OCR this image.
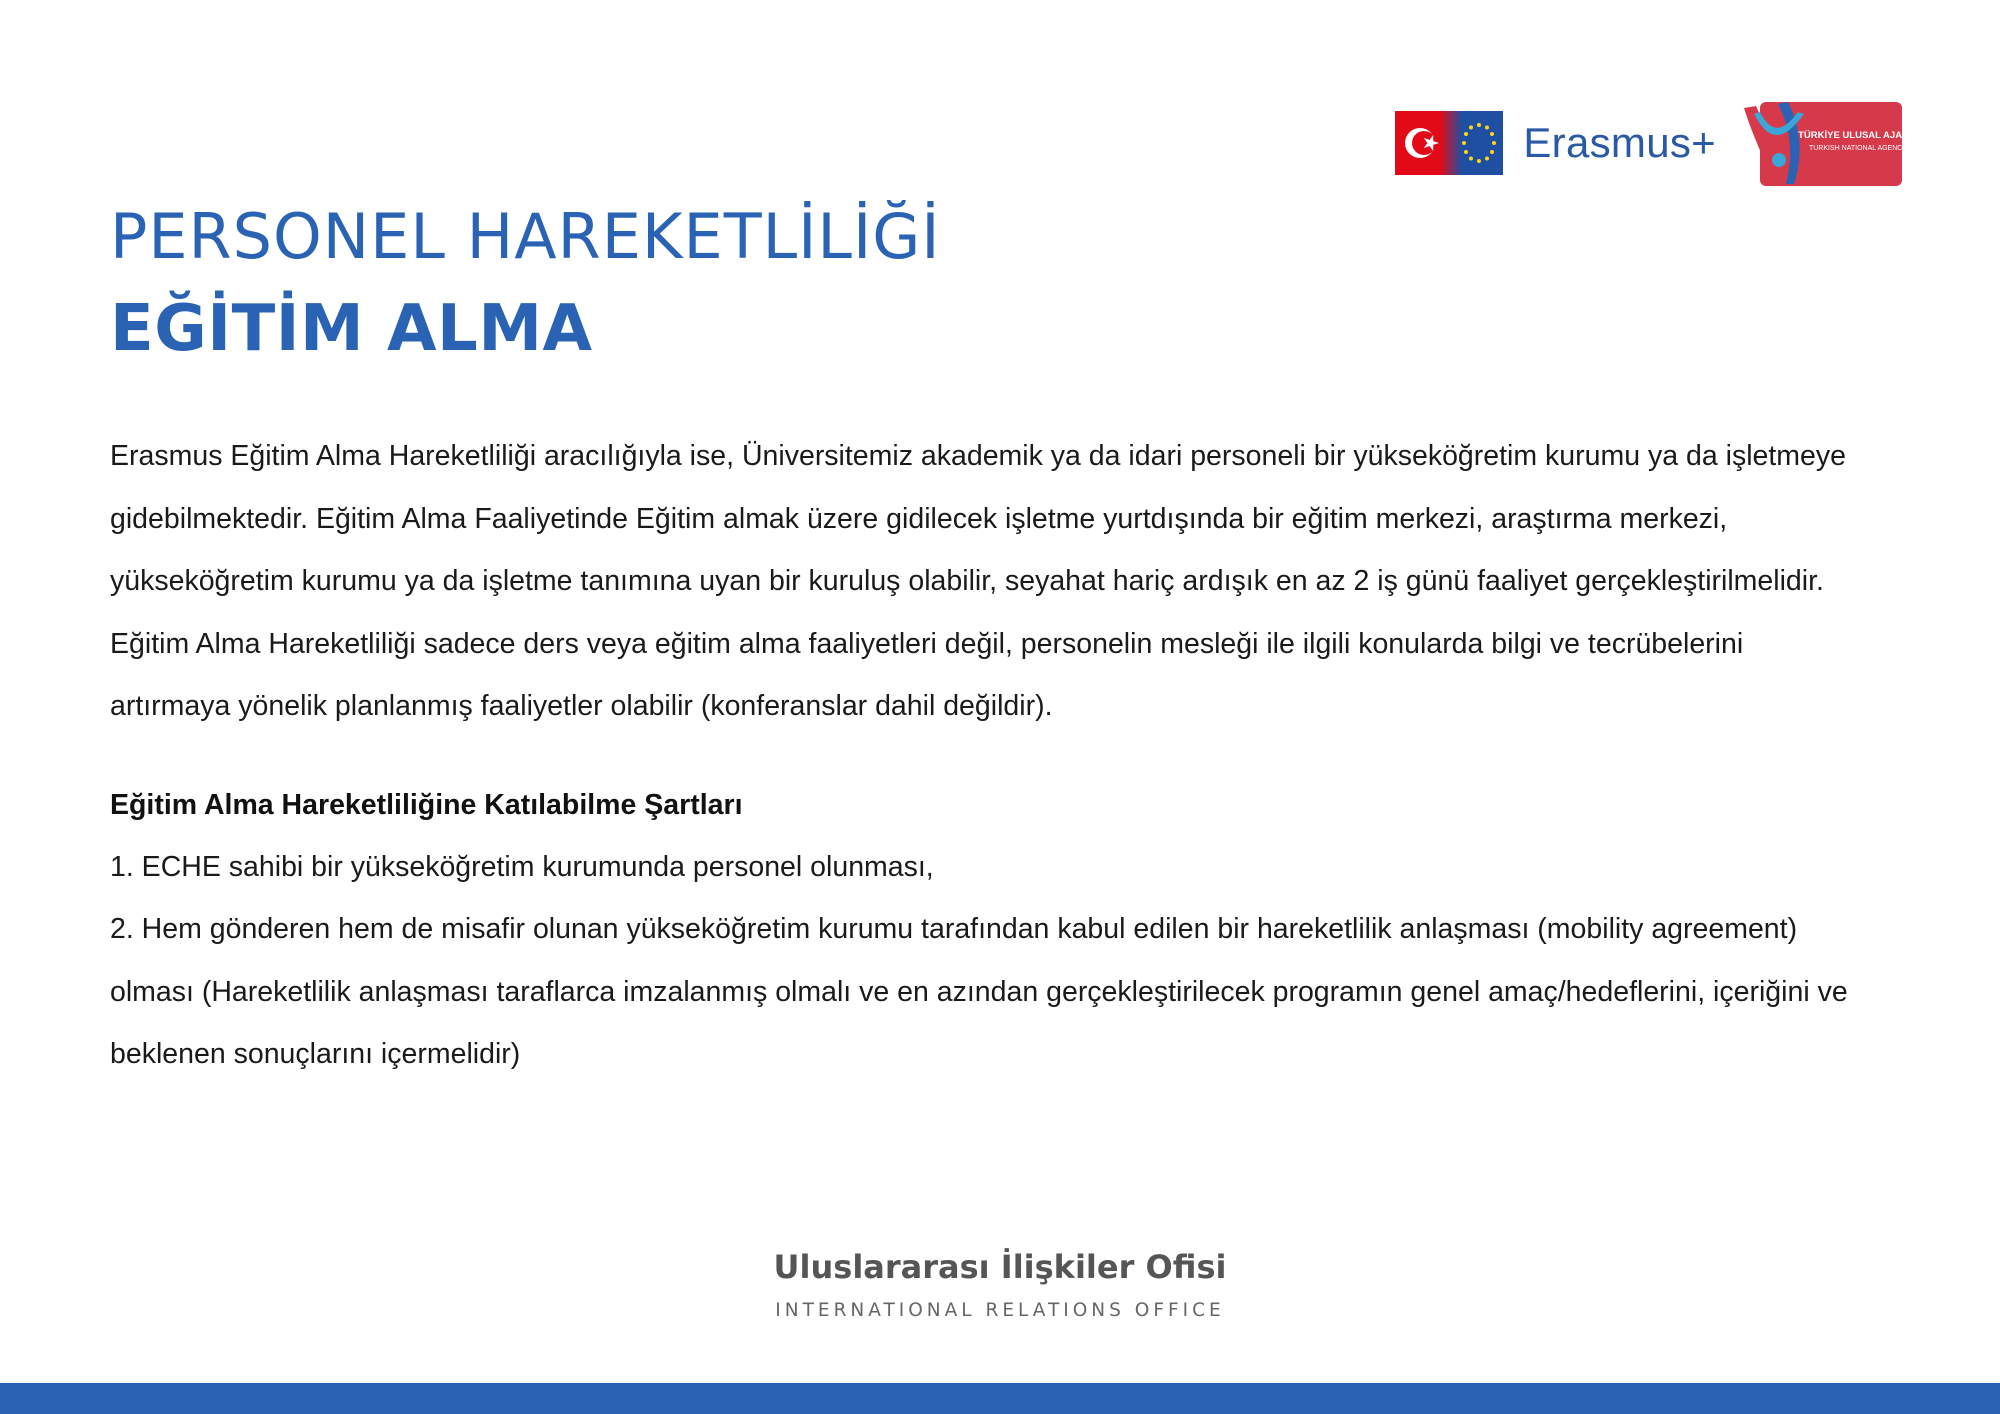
Erasmus+	TÜRKİYE ULUSAL AJANSI
TURKISH NATIONAL AGENCY
PERSONEL HAREKETLİLİĞİ
EĞİTİM ALMA

Erasmus Eğitim Alma Hareketliliği aracılığıyla ise, Üniversitemiz akademik ya da idari personeli bir yükseköğretim kurumu ya da işletmeye gidebilmektedir. Eğitim Alma Faaliyetinde Eğitim almak üzere gidilecek işletme yurtdışında bir eğitim merkezi, araştırma merkezi, yükseköğretim kurumu ya da işletme tanımına uyan bir kuruluş olabilir, seyahat hariç ardışık en az 2 iş günü faaliyet gerçekleştirilmelidir. Eğitim Alma Hareketliliği sadece ders veya eğitim alma faaliyetleri değil, personelin mesleği ile ilgili konularda bilgi ve tecrübelerini artırmaya yönelik planlanmış faaliyetler olabilir (konferanslar dahil değildir).

Eğitim Alma Hareketliliğine Katılabilme Şartları

1. ECHE sahibi bir yükseköğretim kurumunda personel olunması,
2. Hem gönderen hem de misafir olunan yükseköğretim kurumu tarafından kabul edilen bir hareketlilik anlaşması (mobility agreement) olması (Hareketlilik anlaşması taraflarca imzalanmış olmalı ve en azından gerçekleştirilecek programın genel amaç/hedeflerini, içeriğini ve beklenen sonuçlarını içermelidir)
Uluslararası İlişkiler Ofisi
INTERNATIONAL RELATIONS OFFICE
